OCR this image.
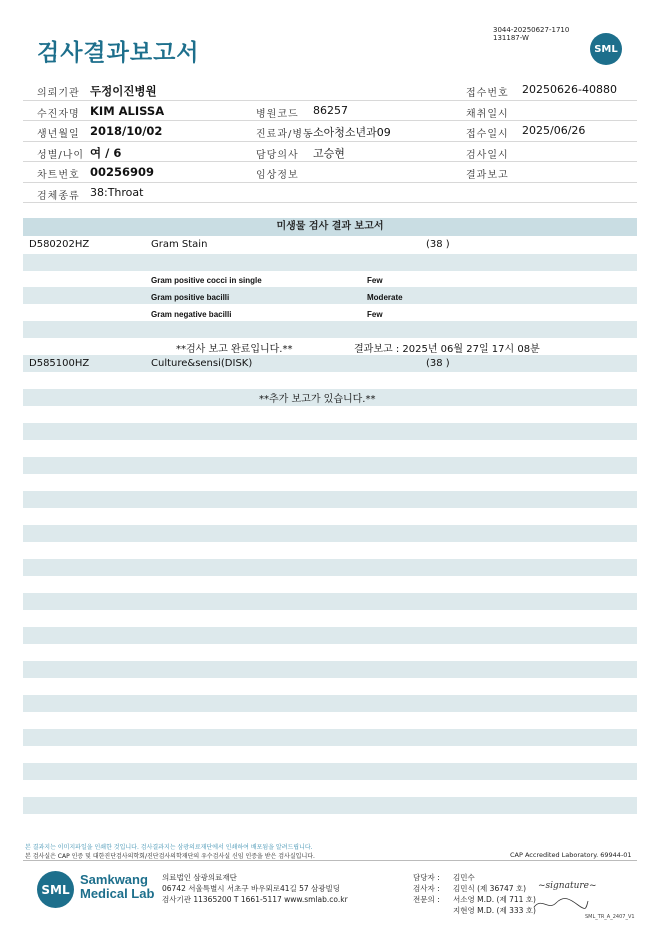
검사결과보고서
3044-20250627-1710
131187-W
SML
의뢰기관 두정이진병원	접수번호 20250626-40880
수진자명 KIM ALISSA	병원코드 86257	채취일시
생년월일 2018/10/02	진료과/병동 소아청소년과09	접수일시 2025/06/26
성별/나이 여 / 6	담당의사 고승현	검사일시
차트번호 00256909	임상정보	결과보고
검체종류 38:Throat
미생물 검사 결과 보고서
D580202HZ	Gram Stain	(38 )
Gram positive cocci in single	Few
Gram positive bacilli	Moderate
Gram negative bacilli	Few
**검사 보고 완료입니다.**	결과보고 : 2025년 06월 27일 17시 08분
D585100HZ	Culture&sensi(DISK)	(38 )
**추가 보고가 있습니다.**
본 결과지는 이미지파일을 인쇄한 것입니다. 검사결과지는 삼광의료재단에서 인쇄하여 배포됨을 알려드립니다.
본 검사실은 CAP 인증 및 대한진단검사의학회/진단검사의학재단의 우수검사실 신임 인증을 받은 검사실입니다.	CAP Accredited Laboratory. 69944-01
SML
Samkwang
Medical Lab
의료법인 삼광의료재단
06742 서울특별시 서초구 바우뫼로41길 57 삼광빌딩
검사기관 11365200 T 1661-5117 www.smlab.co.kr
담당자 : 김민수
검사자 : 김민식 (제 36747 호)
전문의 : 서소영 M.D. (제 711 호)
지현영 M.D. (제 333 호)
~signature~
SML_TR_A_2407_V1
